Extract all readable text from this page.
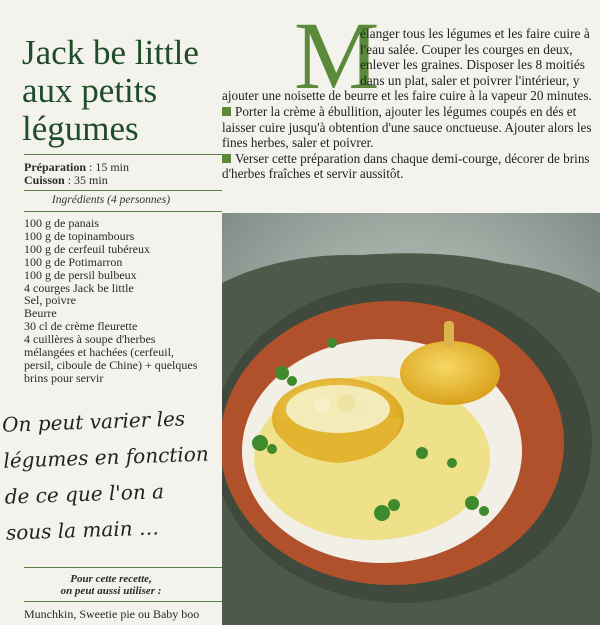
Jack be little
aux petits
légumes
Préparation : 15 min
Cuisson : 35 min
Ingrédients (4 personnes)
100 g de panais
100 g de topinambours
100 g de cerfeuil tubéreux
100 g de Potimarron
100 g de persil bulbeux
4 courges Jack be little
Sel, poivre
Beurre
30 cl de crème fleurette
4 cuillères à soupe d'herbes
mélangées et hachées (cerfeuil,
persil, ciboule de Chine) + quelques
brins pour servir
On peut varier les
légumes en fonction
de ce que l'on a
sous la main …
Pour cette recette,
on peut aussi utiliser :
Munchkin, Sweetie pie ou Baby boo
M
élanger tous les légumes et les faire cuire à
l'eau salée. Couper les courges en deux,
enlever les graines. Disposer les 8 moitiés
dans un plat, saler et poivrer l'intérieur, y
ajouter une noisette de beurre et les faire cuire à la vapeur 20 minutes.
Porter la crème à ébullition, ajouter les légumes coupés en dés et
laisser cuire jusqu'à obtention d'une sauce onctueuse. Ajouter alors les
fines herbes, saler et poivrer.
Verser cette préparation dans chaque demi-courge, décorer de brins
d'herbes fraîches et servir aussitôt.
